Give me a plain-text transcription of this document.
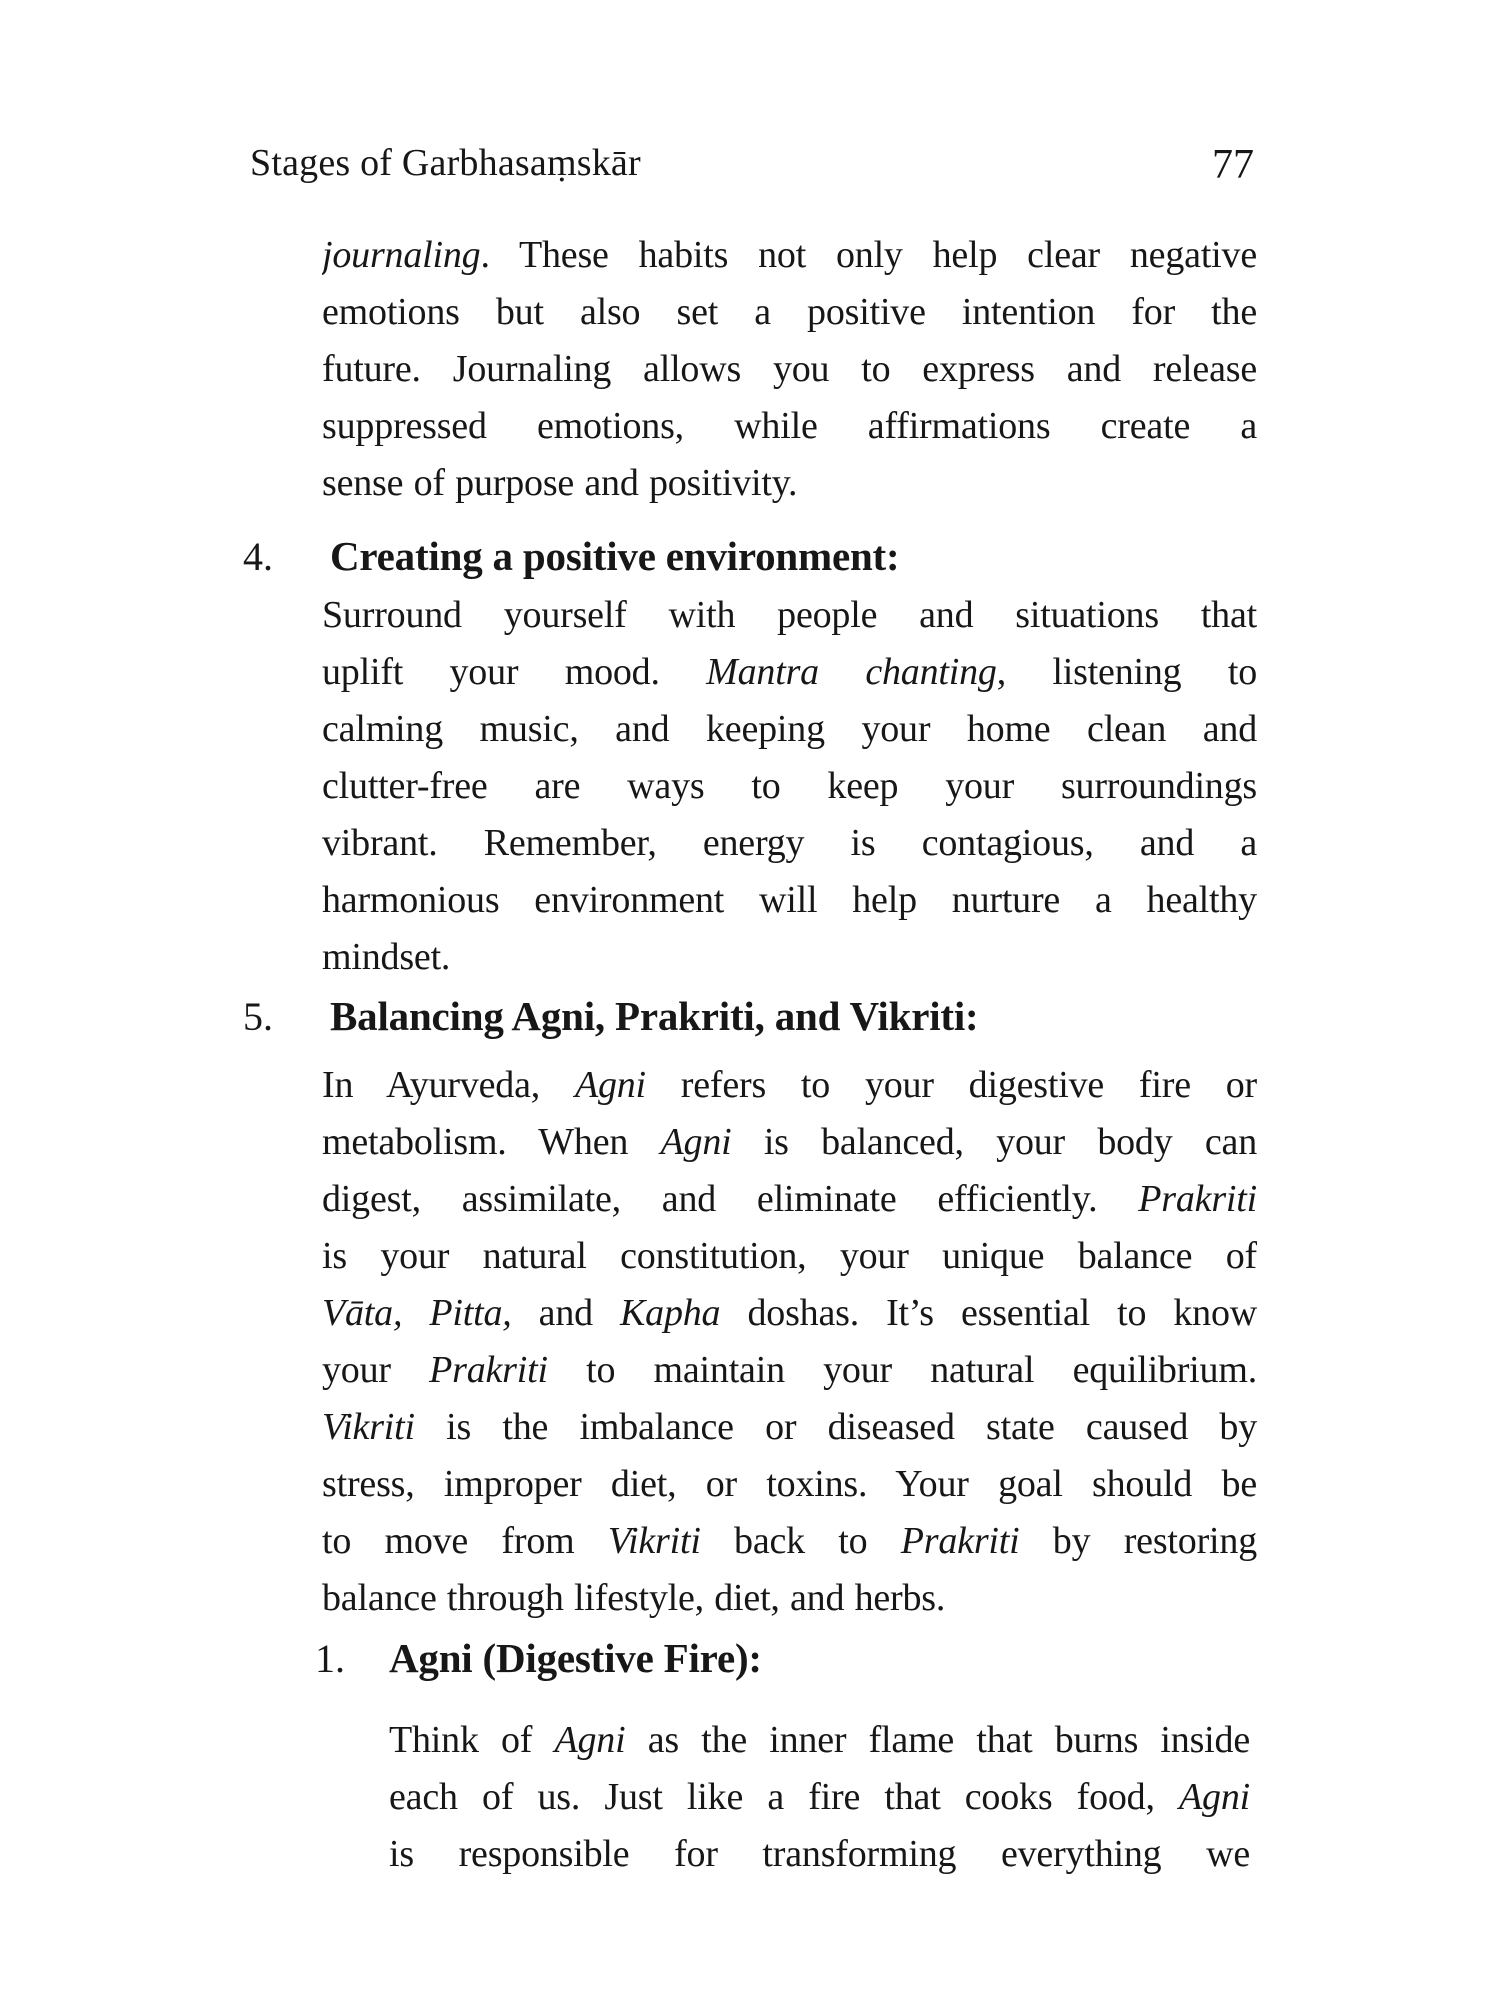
Stages of Garbhasaṃskār	77
journaling. These habits not only help clear negative
emotions but also set a positive intention for the
future. Journaling allows you to express and release
suppressed emotions, while affirmations create a
sense of purpose and positivity.
4. Creating a positive environment:
Surround yourself with people and situations that
uplift your mood. Mantra chanting, listening to
calming music, and keeping your home clean and
clutter-free are ways to keep your surroundings
vibrant. Remember, energy is contagious, and a
harmonious environment will help nurture a healthy
mindset.
5. Balancing Agni, Prakriti, and Vikriti:
In Ayurveda, Agni refers to your digestive fire or
metabolism. When Agni is balanced, your body can
digest, assimilate, and eliminate efficiently. Prakriti
is your natural constitution, your unique balance of
Vāta, Pitta, and Kapha doshas. It’s essential to know
your Prakriti to maintain your natural equilibrium.
Vikriti is the imbalance or diseased state caused by
stress, improper diet, or toxins. Your goal should be
to move from Vikriti back to Prakriti by restoring
balance through lifestyle, diet, and herbs.
1. Agni (Digestive Fire):
Think of Agni as the inner flame that burns inside
each of us. Just like a fire that cooks food, Agni
is responsible for transforming everything we
